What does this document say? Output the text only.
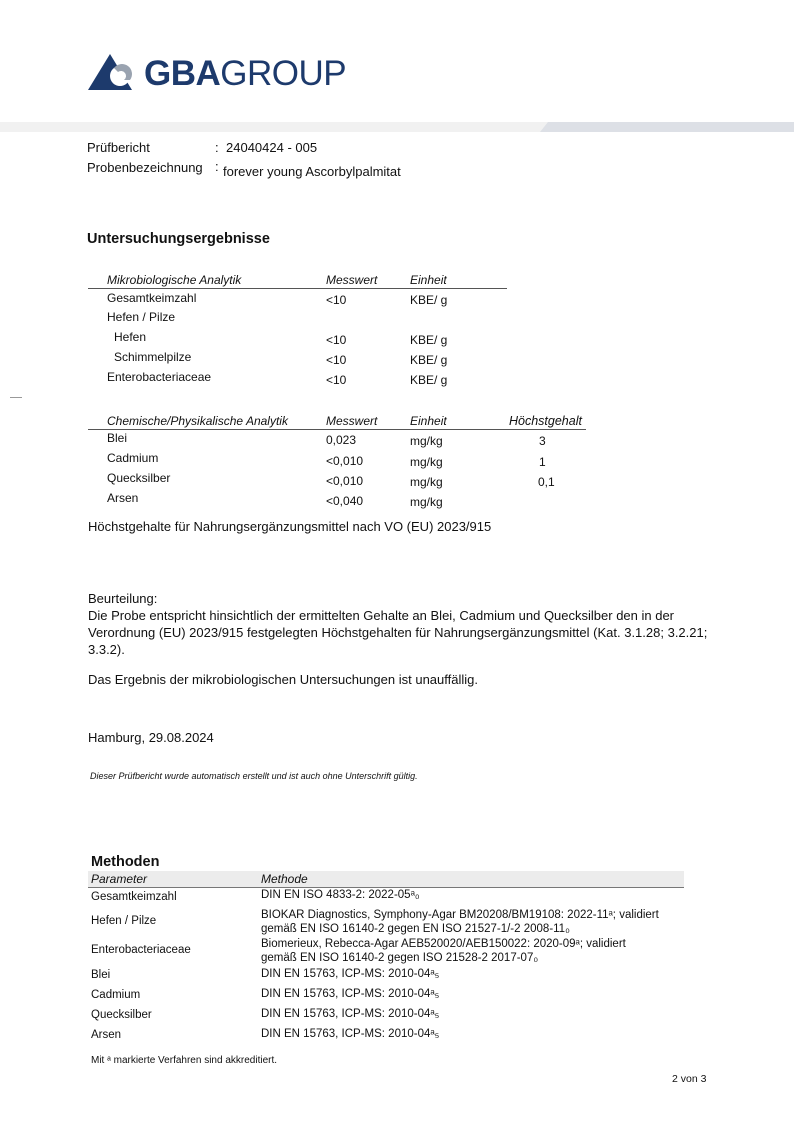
GBAGROUP
Prüfbericht	: 24040424 - 005
Probenbezeichnung : forever young Ascorbylpalmitat
Untersuchungsergebnisse
Mikrobiologische Analytik	Messwert	Einheit
Gesamtkeimzahl	<10	KBE/ g
Hefen / Pilze
Hefen	<10	KBE/ g
Schimmelpilze	<10	KBE/ g
Enterobacteriaceae	<10	KBE/ g
Chemische/Physikalische Analytik	Messwert	Einheit	Höchstgehalt
Blei	0,023	mg/kg	3
Cadmium	<0,010	mg/kg	1
Quecksilber	<0,010	mg/kg	0,1
Arsen	<0,040	mg/kg
Höchstgehalte für Nahrungsergänzungsmittel nach VO (EU) 2023/915
Beurteilung:
Die Probe entspricht hinsichtlich der ermittelten Gehalte an Blei, Cadmium und Quecksilber den in der
Verordnung (EU) 2023/915 festgelegten Höchstgehalten für Nahrungsergänzungsmittel (Kat. 3.1.28; 3.2.21;
3.3.2).
Das Ergebnis der mikrobiologischen Untersuchungen ist unauffällig.
Hamburg, 29.08.2024
Dieser Prüfbericht wurde automatisch erstellt und ist auch ohne Unterschrift gültig.
Methoden
Parameter	Methode
Gesamtkeimzahl	DIN EN ISO 4833-2: 2022-05ᵃ₀
Hefen / Pilze	BIOKAR Diagnostics, Symphony-Agar BM20208/BM19108: 2022-11ᵃ; validiert
gemäß EN ISO 16140-2 gegen EN ISO 21527-1/-2 2008-11₀
Enterobacteriaceae	Biomerieux, Rebecca-Agar AEB520020/AEB150022: 2020-09ᵃ; validiert
gemäß EN ISO 16140-2 gegen ISO 21528-2 2017-07₀
Blei	DIN EN 15763, ICP-MS: 2010-04ᵃ₅
Cadmium	DIN EN 15763, ICP-MS: 2010-04ᵃ₅
Quecksilber	DIN EN 15763, ICP-MS: 2010-04ᵃ₅
Arsen	DIN EN 15763, ICP-MS: 2010-04ᵃ₅
Mit ᵃ markierte Verfahren sind akkreditiert.
2 von 3
